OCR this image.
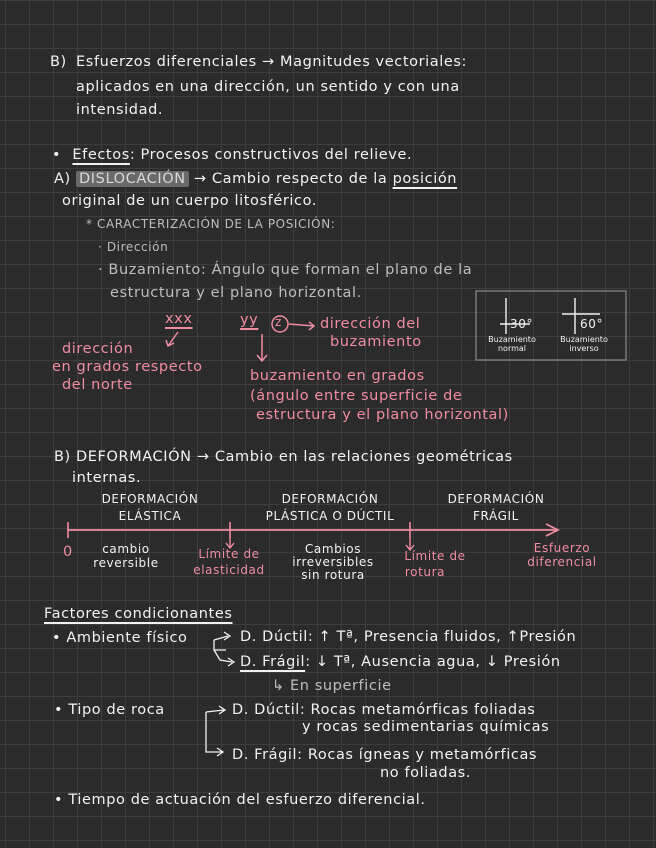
B) Esfuerzos diferenciales → Magnitudes vectoriales:
aplicados en una dirección, un sentido y con una
intensidad.
• Efectos: Procesos constructivos del relieve.
A) DISLOCACIÓN → Cambio respecto de la posición
original de un cuerpo litosférico.
* CARACTERIZACIÓN DE LA POSICIÓN:
· Dirección
· Buzamiento: Ángulo que forman el plano de la
estructura y el plano horizontal.
xxx	yy z	dirección del
buzamiento
dirección
en grados respecto
del norte
buzamiento en grados
(ángulo entre superficie de
estructura y el plano horizontal)
30°	60°
Buzamiento
normal
Buzamiento
inverso
B) DEFORMACIÓN → Cambio en las relaciones geométricas
internas.
DEFORMACIÓN
ELÁSTICA
DEFORMACIÓN
PLÁSTICA O DÚCTIL
DEFORMACIÓN
FRÁGIL
0	cambio
reversible
Límite de
elasticidad
Cambios
irreversibles
sin rotura
Límite de
rotura
Esfuerzo
diferencial
Factores condicionantes
• Ambiente físico	D. Dúctil: ↑ Tª, Presencia fluidos, ↑Presión
D. Frágil: ↓ Tª, Ausencia agua, ↓ Presión
↳ En superficie
• Tipo de roca	D. Dúctil: Rocas metamórficas foliadas
y rocas sedimentarias químicas
D. Frágil: Rocas ígneas y metamórficas
no foliadas.
• Tiempo de actuación del esfuerzo diferencial.
